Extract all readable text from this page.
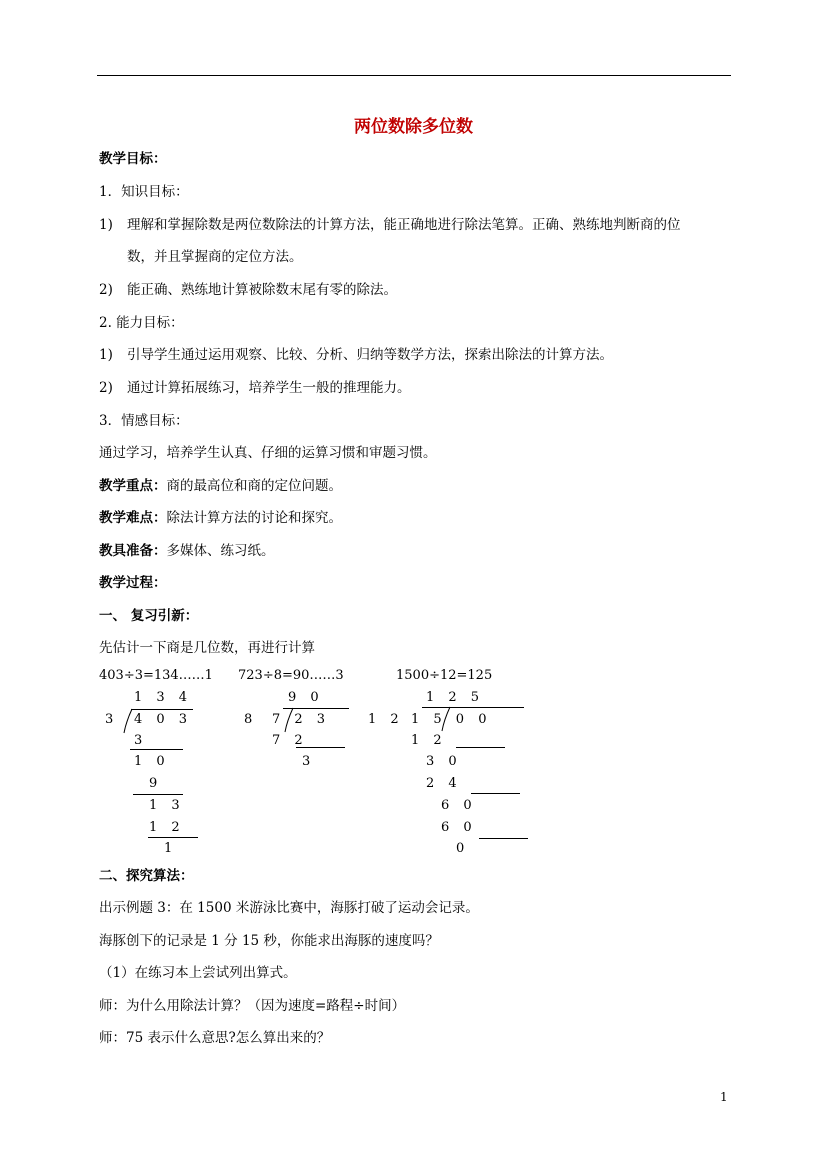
两位数除多位数
教学目标：
1．知识目标：
1) 理解和掌握除数是两位数除法的计算方法，能正确地进行除法笔算。正确、熟练地判断商的位
数，并且掌握商的定位方法。
2) 能正确、熟练地计算被除数末尾有零的除法。
2. 能力目标：
1) 引导学生通过运用观察、比较、分析、归纳等数学方法，探索出除法的计算方法。
2) 通过计算拓展练习，培养学生一般的推理能力。
3．情感目标：
通过学习，培养学生认真、仔细的运算习惯和审题习惯。
教学重点：商的最高位和商的定位问题。
教学难点：除法计算方法的讨论和探究。
教具准备：多媒体、练习纸。
教学过程：
一、 复习引新：
先估计一下商是几位数，再进行计算
403÷3=134……1 723÷8=90……3	1500÷12=125
1 3 4
3 4 0 3
3
1 0
9
1 3
1 2
1
9 0
8 7 2 3
7 2
3
1 2 5
1 2 1 5 0 0
1 2
3 0
2 4
6 0
6 0
0
二、探究算法：
出示例题 3：在 1500 米游泳比赛中，海豚打破了运动会记录。
海豚创下的记录是 1 分 15 秒，你能求出海豚的速度吗？
（1）在练习本上尝试列出算式。
师：为什么用除法计算？（因为速度=路程÷时间）
师：75 表示什么意思?怎么算出来的？
1
